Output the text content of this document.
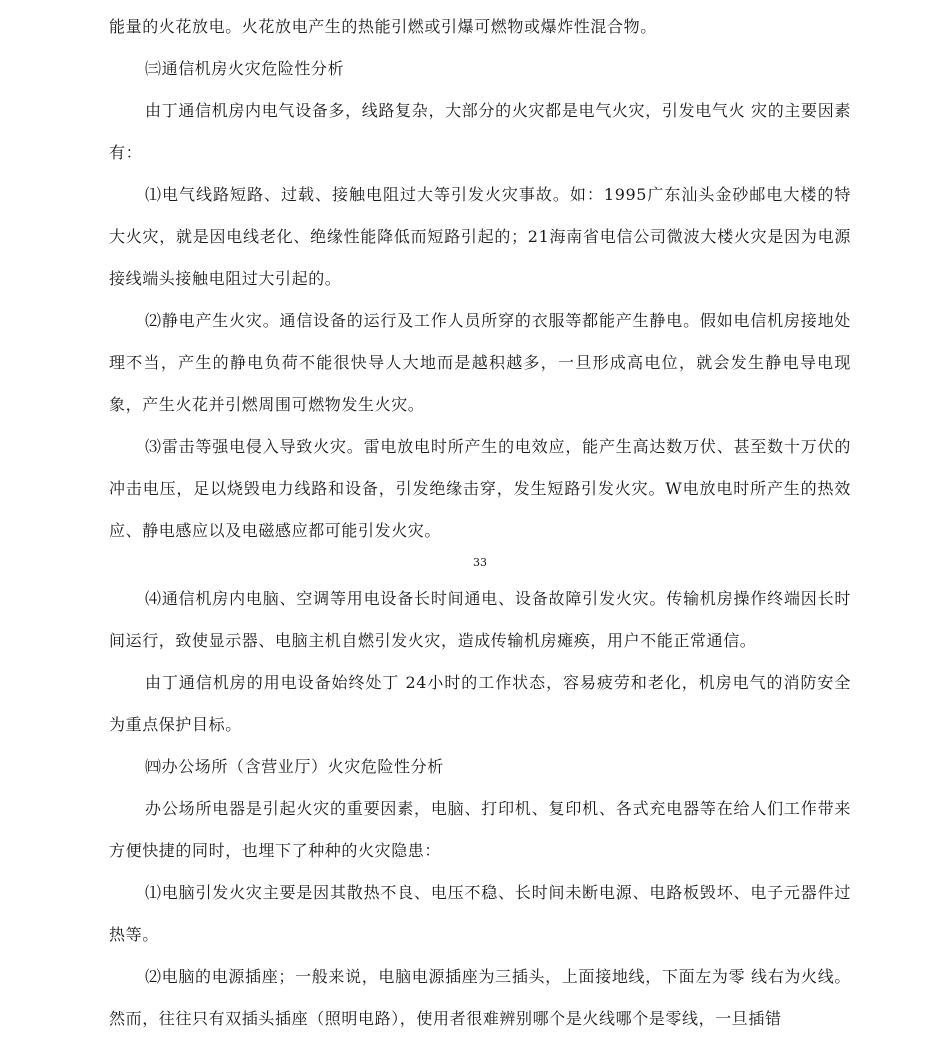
能量的火花放电。火花放电产生的热能引燃或引爆可燃物或爆炸性混合物。

㈢通信机房火灾危险性分析

由丁通信机房内电气设备多，线路复杂，大部分的火灾都是电气火灾，引发电气火 灾的主要因素有：

⑴电气线路短路、过载、接触电阻过大等引发火灾事故。如：1995广东汕头金砂邮电大楼的特大火灾，就是因电线老化、绝缘性能降低而短路引起的；21海南省电信公司微波大楼火灾是因为电源接线端头接触电阻过大引起的。

⑵静电产生火灾。通信设备的运行及工作人员所穿的衣服等都能产生静电。假如电信机房接地处理不当，产生的静电负荷不能很快导人大地而是越积越多，一旦形成高电位，就会发生静电导电现象，产生火花并引燃周围可燃物发生火灾。

⑶雷击等强电侵入导致火灾。雷电放电时所产生的电效应，能产生高达数万伏、甚至数十万伏的冲击电压，足以烧毁电力线路和设备，引发绝缘击穿，发生短路引发火灾。W电放电时所产生的热效应、静电感应以及电磁感应都可能引发火灾。

33

⑷通信机房内电脑、空调等用电设备长时间通电、设备故障引发火灾。传输机房操作终端因长时间运行，致使显示器、电脑主机自燃引发火灾，造成传输机房瘫痪，用户不能正常通信。

由丁通信机房的用电设备始终处丁 24小时的工作状态，容易疲劳和老化，机房电气的消防安全为重点保护目标。

㈣办公场所（含营业厅）火灾危险性分析

办公场所电器是引起火灾的重要因素，电脑、打印机、复印机、各式充电器等在给人们工作带来方便快捷的同时，也埋下了种种的火灾隐患：

⑴电脑引发火灾主要是因其散热不良、电压不稳、长时间未断电源、电路板毁坏、电子元器件过热等。

⑵电脑的电源插座；一般来说，电脑电源插座为三插头，上面接地线，下面左为零 线右为火线。然而，往往只有双插头插座（照明电路），使用者很难辨别哪个是火线哪个是零线，一旦插错
